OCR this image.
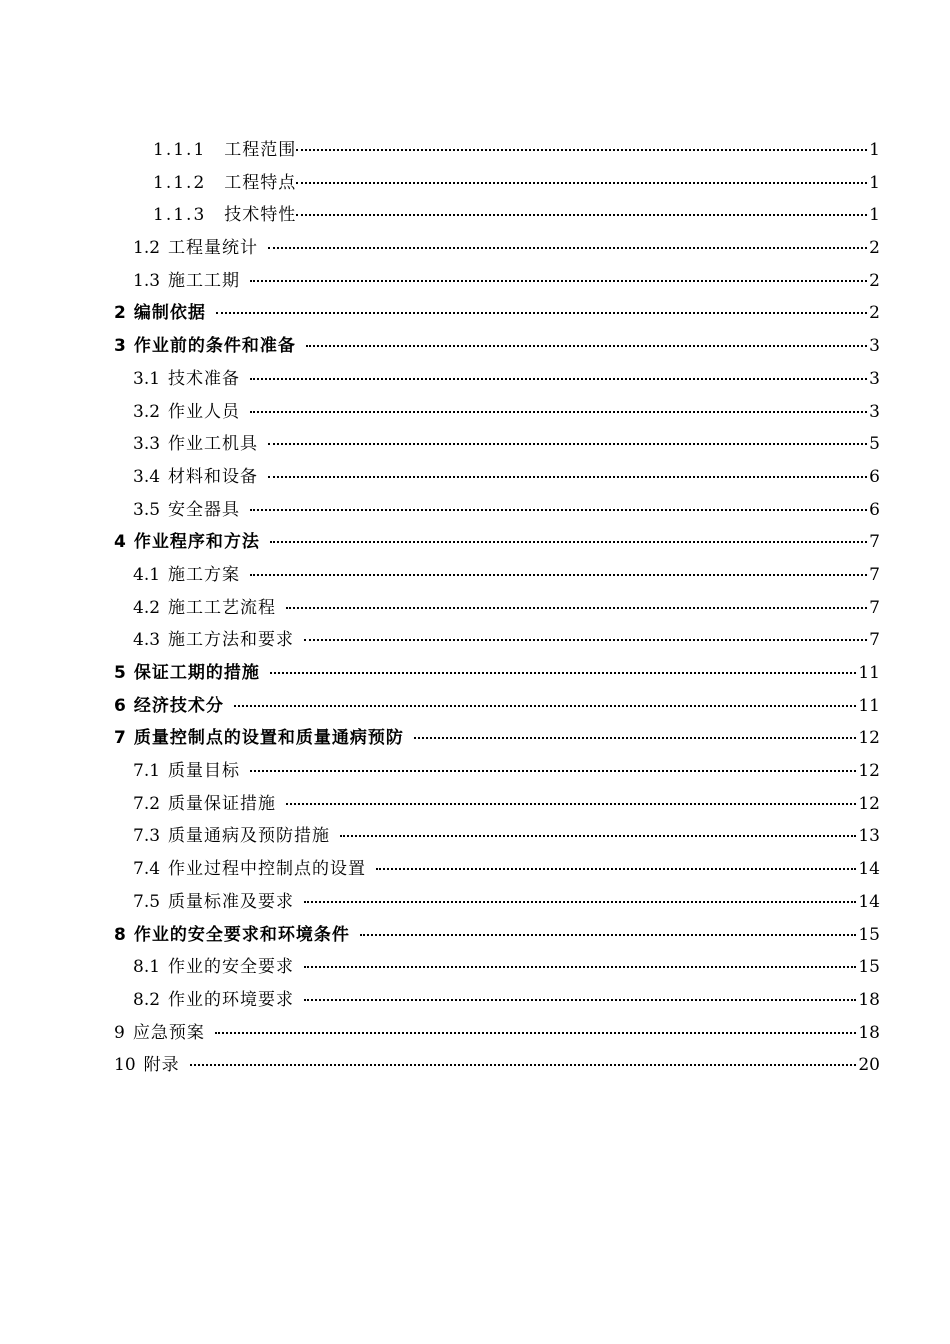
1.1.1 工程范围	1
1.1.2 工程特点	1
1.1.3 技术特性	1
1.2 工程量统计	2
1.3 施工工期	2
2 编制依据	2
3 作业前的条件和准备	3
3.1 技术准备	3
3.2 作业人员	3
3.3 作业工机具	5
3.4 材料和设备	6
3.5 安全器具	6
4 作业程序和方法	7
4.1 施工方案	7
4.2 施工工艺流程	7
4.3 施工方法和要求	7
5 保证工期的措施	11
6 经济技术分	11
7 质量控制点的设置和质量通病预防	12
7.1 质量目标	12
7.2 质量保证措施	12
7.3 质量通病及预防措施	13
7.4 作业过程中控制点的设置	14
7.5 质量标准及要求	14
8 作业的安全要求和环境条件	15
8.1 作业的安全要求	15
8.2 作业的环境要求	18
9 应急预案	18
10 附录	20
